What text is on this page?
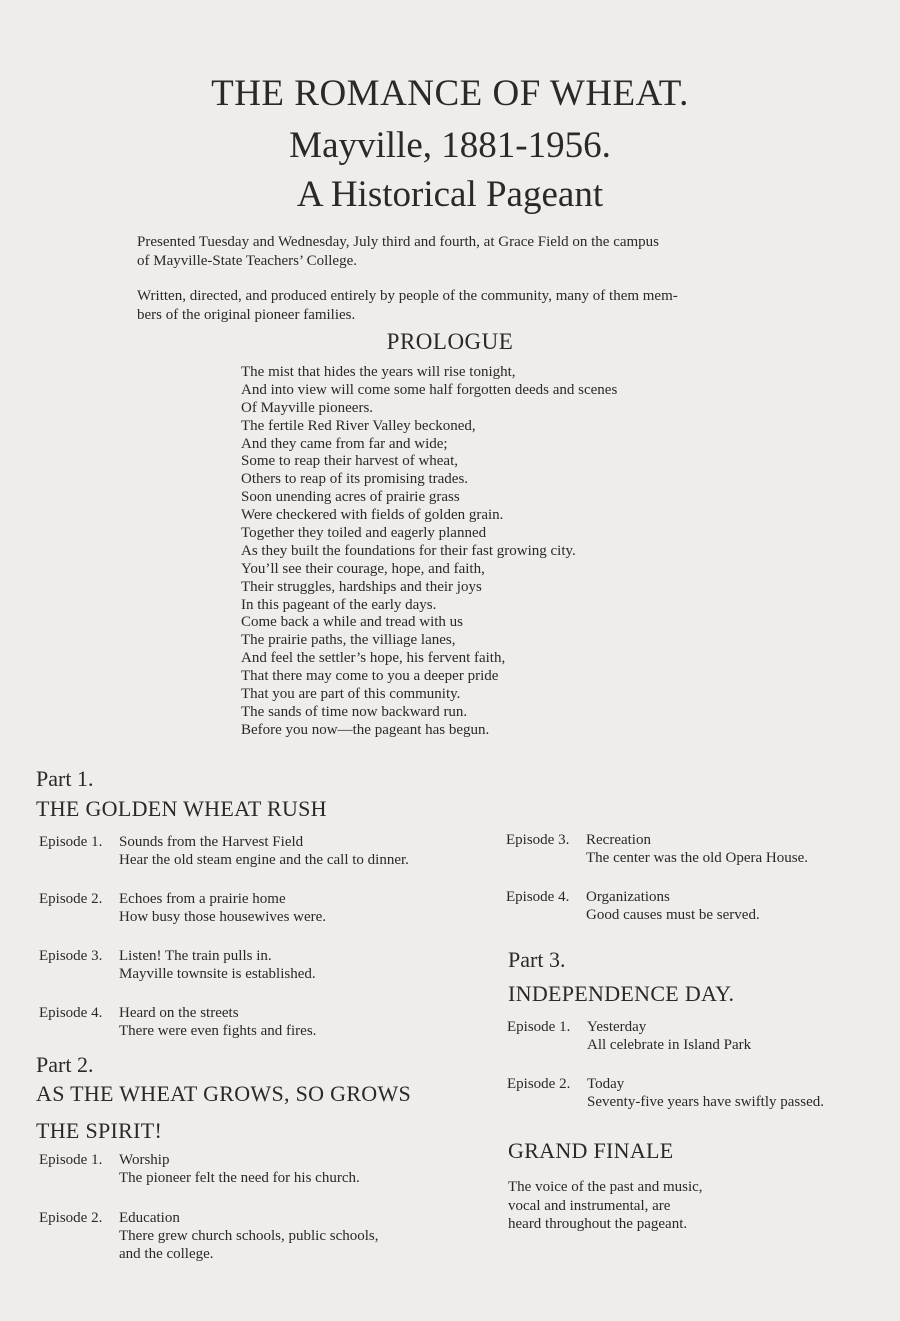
THE ROMANCE OF WHEAT.
Mayville, 1881-1956.
A Historical Pageant
Presented Tuesday and Wednesday, July third and fourth, at Grace Field on the campus
of Mayville-State Teachers’ College.
Written, directed, and produced entirely by people of the community, many of them mem-
bers of the original pioneer families.
PROLOGUE
The mist that hides the years will rise tonight,
And into view will come some half forgotten deeds and scenes
Of Mayville pioneers.
The fertile Red River Valley beckoned,
And they came from far and wide;
Some to reap their harvest of wheat,
Others to reap of its promising trades.
Soon unending acres of prairie grass
Were checkered with fields of golden grain.
Together they toiled and eagerly planned
As they built the foundations for their fast growing city.
You’ll see their courage, hope, and faith,
Their struggles, hardships and their joys
In this pageant of the early days.
Come back a while and tread with us
The prairie paths, the villiage lanes,
And feel the settler’s hope, his fervent faith,
That there may come to you a deeper pride
That you are part of this community.
The sands of time now backward run.
Before you now—the pageant has begun.
Part 1.
THE GOLDEN WHEAT RUSH
Episode 1. Sounds from the Harvest Field
Hear the old steam engine and the call to dinner.
Episode 2. Echoes from a prairie home
How busy those housewives were.
Episode 3. Listen! The train pulls in.
Mayville townsite is established.
Episode 4. Heard on the streets
There were even fights and fires.
Part 2.
AS THE WHEAT GROWS, SO GROWS
THE SPIRIT!
Episode 1. Worship
The pioneer felt the need for his church.
Episode 2. Education
There grew church schools, public schools,
and the college.
Episode 3. Recreation
The center was the old Opera House.
Episode 4. Organizations
Good causes must be served.
Part 3.
INDEPENDENCE DAY.
Episode 1. Yesterday
All celebrate in Island Park
Episode 2. Today
Seventy-five years have swiftly passed.
GRAND FINALE
The voice of the past and music,
vocal and instrumental, are
heard throughout the pageant.
